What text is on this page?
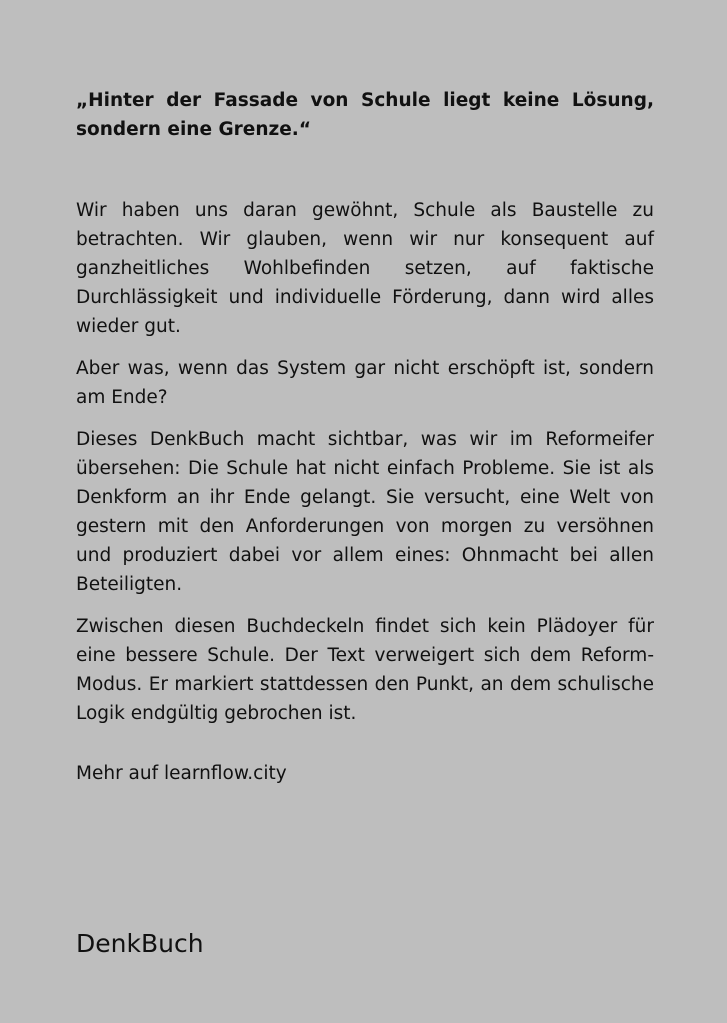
„Hinter der Fassade von Schule liegt keine Lösung, sondern eine Grenze.“

Wir haben uns daran gewöhnt, Schule als Baustelle zu betrachten. Wir glauben, wenn wir nur konsequent auf ganzheitliches Wohlbefinden setzen, auf faktische Durchlässigkeit und individuelle Förderung, dann wird alles wieder gut.

Aber was, wenn das System gar nicht erschöpft ist, sondern am Ende?

Dieses DenkBuch macht sichtbar, was wir im Reformeifer übersehen: Die Schule hat nicht einfach Probleme. Sie ist als Denkform an ihr Ende gelangt. Sie versucht, eine Welt von gestern mit den Anforderungen von morgen zu versöhnen und produziert dabei vor allem eines: Ohnmacht bei allen Beteiligten.

Zwischen diesen Buchdeckeln findet sich kein Plädoyer für eine bessere Schule. Der Text verweigert sich dem Reform-Modus. Er markiert stattdessen den Punkt, an dem schulische Logik endgültig gebrochen ist.

Mehr auf learnflow.city

DenkBuch
